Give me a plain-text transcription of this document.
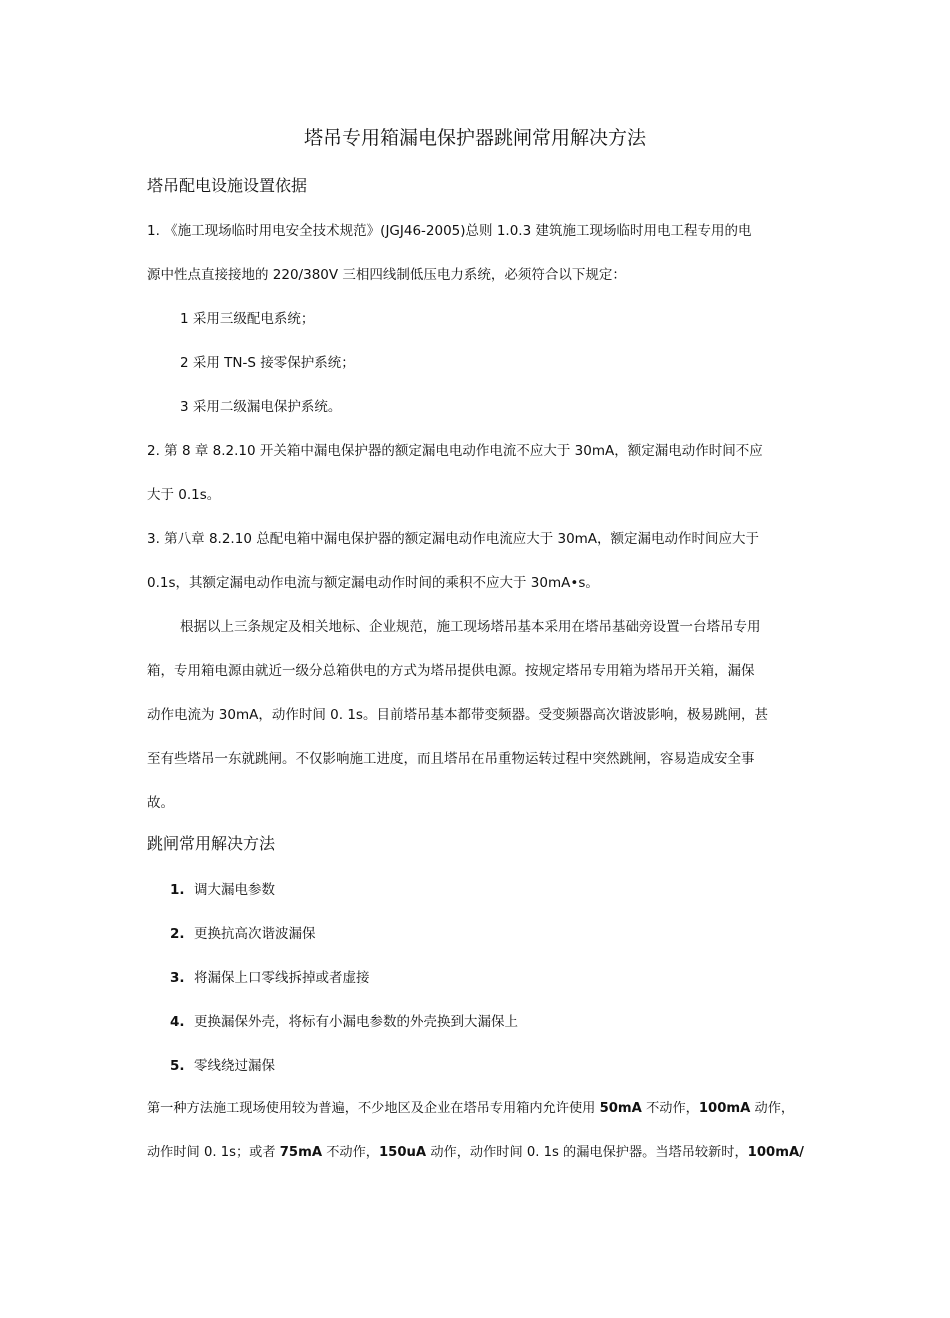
塔吊专用箱漏电保护器跳闸常用解决方法
塔吊配电设施设置依据
1. 《施工现场临时用电安全技术规范》(JGJ46-2005)总则 1.0.3 建筑施工现场临时用电工程专用的电
源中性点直接接地的 220/380V 三相四线制低压电力系统，必须符合以下规定：
1 采用三级配电系统；
2 采用 TN-S 接零保护系统；
3 采用二级漏电保护系统。
2. 第 8 章 8.2.10 开关箱中漏电保护器的额定漏电电动作电流不应大于 30mA，额定漏电动作时间不应
大于 0.1s。
3. 第八章 8.2.10 总配电箱中漏电保护器的额定漏电动作电流应大于 30mA，额定漏电动作时间应大于
0.1s，其额定漏电动作电流与额定漏电动作时间的乘积不应大于 30mA•s。
根据以上三条规定及相关地标、企业规范，施工现场塔吊基本采用在塔吊基础旁设置一台塔吊专用
箱，专用箱电源由就近一级分总箱供电的方式为塔吊提供电源。按规定塔吊专用箱为塔吊开关箱，漏保
动作电流为 30mA，动作时间 0. 1s。目前塔吊基本都带变频器。受变频器高次谐波影响，极易跳闸，甚
至有些塔吊一东就跳闸。不仅影响施工进度，而且塔吊在吊重物运转过程中突然跳闸，容易造成安全事
故。
跳闸常用解决方法
1. 调大漏电参数
2. 更换抗高次谐波漏保
3. 将漏保上口零线拆掉或者虚接
4. 更换漏保外壳，将标有小漏电参数的外壳换到大漏保上
5. 零线绕过漏保
第一种方法施工现场使用较为普遍，不少地区及企业在塔吊专用箱内允许使用 50mA 不动作，100mA 动作，
动作时间 0. 1s；或者 75mA 不动作，150uA 动作，动作时间 0. 1s 的漏电保护器。当塔吊较新时，100mA/
